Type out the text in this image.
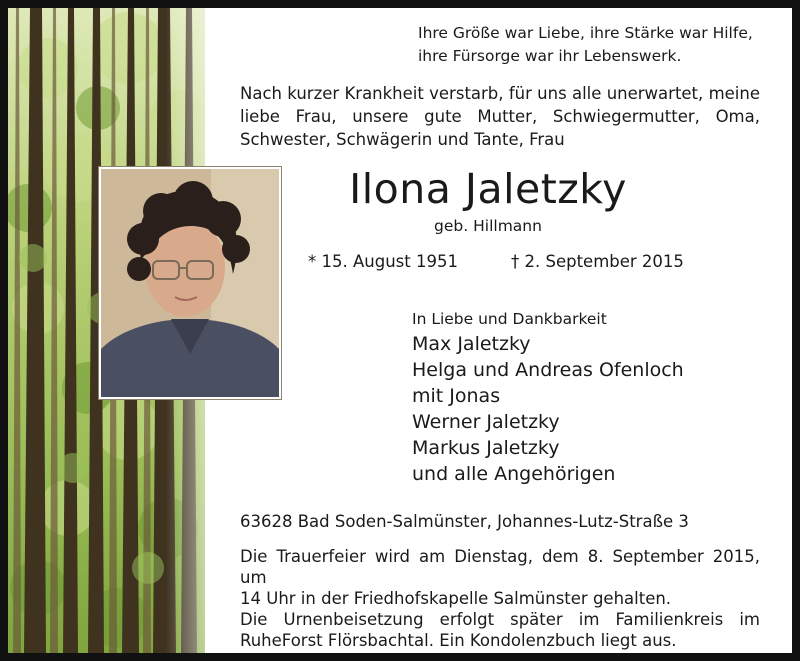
Ihre Größe war Liebe, ihre Stärke war Hilfe,
ihre Fürsorge war ihr Lebenswerk.
Nach kurzer Krankheit verstarb, für uns alle unerwartet, meine
liebe Frau, unsere gute Mutter, Schwiegermutter, Oma,
Schwester, Schwägerin und Tante, Frau
Ilona Jaletzky
geb. Hillmann
* 15. August 1951	† 2. September 2015
In Liebe und Dankbarkeit
Max Jaletzky
Helga und Andreas Ofenloch
mit Jonas
Werner Jaletzky
Markus Jaletzky
und alle Angehörigen
63628 Bad Soden-Salmünster, Johannes-Lutz-Straße 3
Die Trauerfeier wird am Dienstag, dem 8. September 2015, um
14 Uhr in der Friedhofskapelle Salmünster gehalten.
Die Urnenbeisetzung erfolgt später im Familienkreis im
RuheForst Flörsbachtal. Ein Kondolenzbuch liegt aus.
